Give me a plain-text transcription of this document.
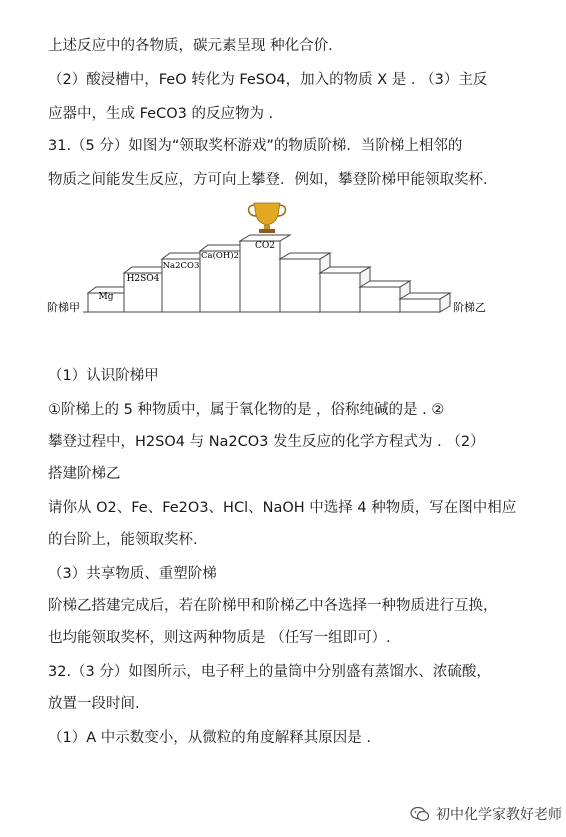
上述反应中的各物质，碳元素呈现 种化合价.
（2）酸浸槽中，FeO 转化为 FeSO4，加入的物质 X 是 . （3）主反
应器中，生成 FeCO3 的反应物为 .
31.（5 分）如图为“领取奖杯游戏”的物质阶梯．当阶梯上相邻的
物质之间能发生反应，方可向上攀登．例如，攀登阶梯甲能领取奖杯.
Mg
H2SO4
Na2CO3
Ca(OH)2
CO2
阶梯甲	阶梯乙
（1）认识阶梯甲
①阶梯上的 5 种物质中，属于氧化物的是 ，俗称纯碱的是 . ②
攀登过程中，H2SO4 与 Na2CO3 发生反应的化学方程式为 . （2）
搭建阶梯乙
请你从 O2、Fe、Fe2O3、HCl、NaOH 中选择 4 种物质，写在图中相应
的台阶上，能领取奖杯.
（3）共享物质、重塑阶梯
阶梯乙搭建完成后，若在阶梯甲和阶梯乙中各选择一种物质进行互换，
也均能领取奖杯，则这两种物质是 （任写一组即可）.
32.（3 分）如图所示，电子秤上的量筒中分别盛有蒸馏水、浓硫酸，
放置一段时间.
（1）A 中示数变小，从微粒的角度解释其原因是 .
初中化学家教好老师
